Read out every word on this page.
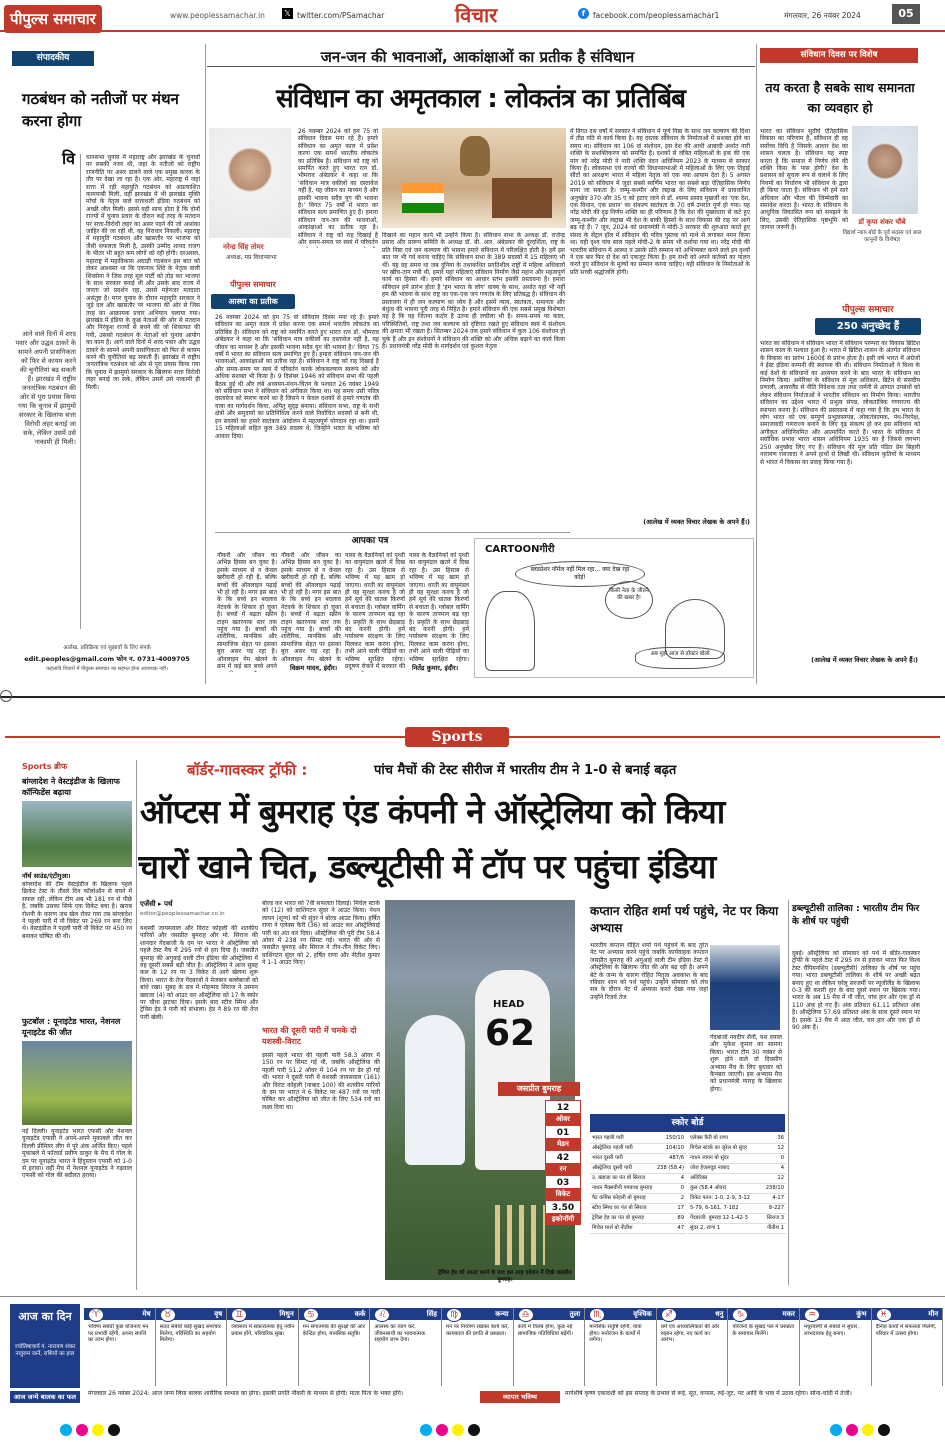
पीपुल्स समाचार	www.peoplessamachar.in 𝕏 twitter.com/PSamachar	विचार	f	facebook.com/peoplessamachar1	मंगलवार, 26 नवंबर 2024	05
संपादकीय
गठबंधन को नतीजों पर मंथन करना होगा
वि धानसभा चुनाव में महाराष्ट्र और झारखंड के चुनावों पर सबकी नजर थी, जहां के नतीजों को राष्ट्रीय राजनीति पर असर डालने वाले एक प्रमुख कारक के तौर पर देखा जा रहा है। एक ओर, महाराष्ट्र में जहां सत्ता में रही महायुति गठबंधन को अप्रत्याशित कामयाबी मिली, वहीं झारखंड में भी झारखंड मुक्ति मोर्चा के नेतृत्व वाले सत्ताधारी इंडिया गठबंधन को अच्छी जीत मिली। इससे यही साफ होता है कि दोनों राज्यों में चुनाव प्रचार के दौरान कई तरह के मतदान पर सत्ता-विरोधी लहर का असर पड़ने की जो आशंका जाहिर की जा रही थी, वह निराधार निकली। महाराष्ट्र में महायुति गठबंधन और खासतौर पर भाजपा को जैसी सफलता मिली है, उसकी उम्मीद शायद राजग के भीतर भी बहुत कम लोगों को रही होगी। दरअसल, महाराष्ट्र में महाविकास अघाड़ी गठबंधन इस बात को लेकर आश्वस्त था कि एकनाथ शिंदे के नेतृत्व वाली शिवसेना ने जिस तरह मूल पार्टी को तोड़ कर भाजपा के साथ सरकार बनाई थी और उसके बाद राज्य में जनता जो प्रदर्शन रहा, उससे महेनजर मतदाता असंतुष्ट है। मगर चुनाव के दौरान महायुति सरकार ने जुड़े दल और खासतौर पर भाजपा की ओर से जिस तरह का आक्रामक प्रचार अभियान चलाया गया। झारखंड में इंडिया के कुछ नेताओं की ओर से मतदान और निरंकुश राज्यों से बचने की जो शिकायत की गयी, उसको गठबंधन के नेताओं को चुनाव आयोग का काम है। आगे वाले दिनों में शरद पवार और उद्धव ठाकरे के सामने अपनी प्रासंगिकता को फिर से कायम करने की चुनौतियां बढ़ सकती हैं। झारखंड में राष्ट्रीय जनतांत्रिक गठबंधन को ओर से पूरा प्रयास किया गया कि चुनाव में झामुमो सरकार के खिलाफ सत्ता विरोधी लहर बनाई जा सके, लेकिन उसमें उसे नाकामी ही मिली।
आने वाले दिनों में शरद पवार और उद्धव ठाकरे के सामने अपनी प्रासंगिकता को फिर से कायम करने की चुनौतियां बढ़ सकती हैं। झारखंड में राष्ट्रीय जनतांत्रिक गठबंधन की ओर से पूरा प्रयास किया गया कि चुनाव में झामुमो सरकार के खिलाफ सत्ता विरोधी लहर बनाई जा सके, लेकिन उसमें उसे नाकामी ही मिली।
आलेख, प्रतिक्रिया एवं सुझावों के लिए संपर्क
edit.peoples@gmail.com फोन न. 0731-4009705
फहलावि विचारों में पीपुल्स समाचार का सहमत होना आवश्यक नहीं।
जन-जन की भावनाओं, आकांक्षाओं का प्रतीक है संविधान
संविधान का अमृतकाल : लोकतंत्र का प्रतिबिंब
नरेन्द्र सिंह तोमर
अध्यक्ष, मप्र विधानसभा
पीपुल्स समाचार
आस्था का प्रतीक
26 नवम्बर 2024 को हम 75 वां संविधान दिवस मना रहे हैं। हमारे संविधान का अमृत काल में प्रवेश करना एक समर्थ भारतीय लोकतंत्र का प्रतिबिंब है। संविधान को राष्ट्र को समर्पित करते हुए भारत रत्न डॉ. भीमराव अंबेडकर ने कहा था कि 'संविधान मात्र वकीलों का दस्तावेज नहीं है, यह जीवन का माध्यम है और इसकी भावना सदैव युग की भावना है।' विगत 75 वर्षों में भारत का संविधान सत्य प्रमाणित हुए हैं। हमारा संविधान जन-जन की भावनाओं, आकांक्षाओं का प्रतीक रहा है। संविधान ने राष्ट्र को राह दिखाई है और समय-समय पर स्वयं में परिवर्तन
26 नवम्बर 2024 को हम 75 वां संविधान दिवस मना रहे हैं। हमारे संविधान का अमृत काल में प्रवेश करना एक समर्थ भारतीय लोकतंत्र का प्रतिबिंब है। संविधान को राष्ट्र को समर्पित करते हुए भारत रत्न डॉ. भीमराव अंबेडकर ने कहा था कि 'संविधान मात्र वकीलों का दस्तावेज नहीं है, यह जीवन का माध्यम है और इसकी भावना सदैव युग की भावना है।' विगत 75 वर्षों में भारत का संविधान सत्य प्रमाणित हुए हैं। हमारा संविधान जन-जन की भावनाओं, आकांक्षाओं का प्रतीक रहा है। संविधान ने राष्ट्र को राह दिखाई है और समय-समय पर स्वयं में परिवर्तन करके लोककल्याण स्वरूप को और अधिक सशक्त भी किया है। 9 दिसंबर 1946 को संविधान सभा की पहली बैठक हुई थी और लंबे अध्ययन-मंथन-चिंतन के पश्चात 26 नवंबर 1949 को संविधान सभा ने संविधान को अंगीकार किया था। यह समय उसी पवित्र दस्तावेज को स्मरण करने का है जिसने न केवल दशकों से हमारे गणतंत्र की यात्रा का मार्गदर्शन किया, अपितु सुदृढ़ बनाया। संविधान सभा, राष्ट्र के सभी क्षेत्रों और समुदायों का प्रतिनिधित्व करने वाले निर्वाचित सदस्यों से बनी थी, इन सदस्यों का हमारे स्वतंत्रता आंदोलन में महत्वपूर्ण योगदान रहा था। इसमें 15 महिलाओं सहित कुल 389 सदस्य थे, जिन्होंने भारत के भविष्य को आकार दिया।
दिखाने का महान कार्य भी उन्होंने किया है। संविधान सभा के अध्यक्ष डॉ. राजेन्द्र प्रसाद और प्रारूप समिति के अध्यक्ष डॉ. बी. आर. अंबेडकर की दूरदर्शिता, राष्ट्र के प्रति निष्ठा एवं जन कल्याण की भावना हमारे संविधान में परिलक्षित होती है। हमें इस बात पर भी गर्व करना चाहिए कि संविधान सभा के 389 सदस्यों में 15 महिलाएं भी थीं। यह वह समय था जब दुनिया के तथाकथित प्रगतिशील राष्ट्रों में महिला अधिकारों पर खींच-तान मची थी, हमारे यहां महिलाएं संविधान निर्माण जैसे महान और महत्वपूर्ण कार्य का हिस्सा थीं। हमारे संविधान का आधार स्तंभ इसकी प्रस्तावना है। हमारा संविधान हमें प्रारंभ होता है 'हम भारत के लोग' वाक्य के साथ, अर्थात यहां भी नहीं हम की भावना के साथ राष्ट्र का एक-एक जन गणतंत्र के लिए प्रतिबद्ध है। संविधान की प्रस्तावना में ही जन कल्याण का ध्येय है और इसमें न्याय, स्वतंत्रता, समानता और बंधुत्व की भावना पूरी तरह से निहित है। हमारे संविधान की एक सबसे प्रमुख विशेषता यह है कि यह जितना कठोर है उतना ही लचीला भी है। समय-समय पर काल, परिस्थितियों, राष्ट्र तथा जन कल्याण को दृष्टिगत रखते हुए संविधान स्वयं में संशोधन की क्षमता भी रखता है। सितम्बर 2024 तक हमारे संविधान में कुल 106 संशोधन हो चुके हैं और इन संशोधनों ने संविधान की शक्ति को और अधिक बढ़ाने का कार्य किया है। प्रधानमंत्री नरेंद्र मोदी के मार्गदर्शन एवं कुशल नेतृत्व
में विगत दस वर्षों में सरकार ने संविधान में पूर्ण निष्ठा के साथ जन कल्याण की दिशा में तीव्र गति से कार्य किया है। यह दस्तक संविधान के निर्माताओं में सशक्त होने का समय था। संविधान का 106 वां संशोधन, इस देश की आधी आबादी अर्थात नारी शक्ति के सशक्तिकरण को समर्पित है। दशकों से लंबित महिलाओं के हक की एक मांग को नरेंद्र मोदी ने नारी शक्ति वंदन अधिनियम 2023 के माध्यम से साकार किया है। लोकसभा एवं राज्यों की विधानसभाओं में महिलाओं के लिए एक तिहाई सीटों का आरक्षण भारत में महिला नेतृत्व को एक नया आयाम देता है। 5 अगस्त 2019 को संविधान में जुड़ा सबसे स्वर्णिम भारत का सबसे बड़ा ऐतिहासिक निर्णय माना जा सकता है। जम्मू-कश्मीर और लद्दाख के लिए संविधान में प्रावधानित अनुच्छेद 370 और 35 ए को हटाए जाने से डॉ. श्यामा प्रसाद मुखर्जी का 'एक देश, एक विधान, एक प्रधान' का संकल्प स्वतंत्रता के 70 वर्ष उपरांत पूर्ण हो गया। यह नरेंद्र मोदी की दृढ़ निर्णय शक्ति का ही परिणाम है कि देश की मुख्यधारा से कटे हुए जम्मू-कश्मीर और लद्दाख भी देश के बाकी हिस्सों के साथ विकास की राह पर आगे बढ़ रहे हैं। 7 जून, 2024 को प्रधानमंत्री ने मोदी-3 सरकार की शुरुआत करते हुए संसद के सेंट्रल हॉल में संविधान की पवित्र पुस्तक को माथे से लगाकर नमन किया था। यही दृश्य पांच साल पहले मोदी-2 के समय भी दर्शाया गया था। नरेंद्र मोदी की भारतीय संविधान में आस्था व उसके प्रति सम्मान को अभिव्यक्त करने वाले इन दृश्यों ने एक बार फिर से देश को एकजुट किया है। हम सभी को अपने कर्तव्यों का पालन करते हुए संविधान के मूल्यों का सम्मान करना चाहिए। यही संविधान के निर्माताओं के प्रति सच्ची श्रद्धांजलि होगी।
(आलेख में व्यक्त विचार लेखक के अपने हैं।)
आपका पत्र
नौकरी और जीवन का अभिन्न हिस्सा बन चुका है। इसके माध्यम से न केवल खरीदारी हो रही है, बल्कि बच्चों की ऑनलाइन पढ़ाई भी हो रही है। मगर इस बात के कि बच्चे इन बदलाव नेटवर्क के शिकार हो चुका है। बच्चों में बढ़ता स्क्रीन टाइम खतरनाक स्तर तक पहुंच गया है। बच्चों की शारीरिक, मानसिक और सामाजिक सेहत पर इसका बुरा असर पड़ रहा है। ऑनलाइन गेम खेलने के क्रम में कई बार बच्चे अपने
नौकरी और जीवन का अभिन्न हिस्सा बन चुका है। इसके माध्यम से न केवल खरीदारी हो रही है, बल्कि बच्चों की ऑनलाइन पढ़ाई भी हो रही है। मगर इस बात के कि बच्चे इन बदलाव नेटवर्क के शिकार हो चुका है। बच्चों में बढ़ता स्क्रीन टाइम खतरनाक स्तर तक पहुंच गया है। बच्चों की शारीरिक, मानसिक और सामाजिक सेहत पर इसका बुरा असर पड़ रहा है। ऑनलाइन गेम खेलने के
विक्रम यादव, इंदौर।
नासा के वैज्ञानिकों को पृथ्वी का वायुमंडल खतरे में दिख रहा है। उस हिसाब से भविष्य में यह खत्म हो जाएगा। धरती का वायुमंडल ही वह सुरक्षा कवच है जो हमें सूर्य की घातक किरणों से बचाता है। ग्लोबल वार्मिंग के कारण तापमान बढ़ रहा है। प्रकृति के साथ छेड़छाड़ बंद करनी होगी। हमें पर्यावरण संरक्षण के लिए मिलकर काम करना होगा, तभी आने वाली पीढ़ियों का भविष्य सुरक्षित रहेगा। प्रदूषण रोकने में सरकार की
नासा के वैज्ञानिकों को पृथ्वी का वायुमंडल खतरे में दिख रहा है। उस हिसाब से भविष्य में यह खत्म हो जाएगा। धरती का वायुमंडल ही वह सुरक्षा कवच है जो हमें सूर्य की घातक किरणों से बचाता है। ग्लोबल वार्मिंग के कारण तापमान बढ़ रहा है। प्रकृति के साथ छेड़छाड़ बंद करनी होगी। हमें पर्यावरण संरक्षण के लिए मिलकर काम करना होगा, तभी आने वाली पीढ़ियों का भविष्य सुरक्षित रहेगा।
नितेंद्र कुमार, इंदौर।
CARTOONगीरी
ब्लडप्रेशर नॉर्मल नहीं मिल रहा... क्या देख रहा कोई!
किसी नेता के जीतने की खबर है!
अब मुझे आज से डॉक्टर बोलो
संविधान दिवस पर विशेष
तय करता है सबके साथ समानता का व्यवहार हो
भारत का संविधान सुदीर्घ ऐतिहासिक विकास का परिणाम है, संविधान ही वह सर्वोच्च विधि है जिसके आधार देश का शासन चलता है। संविधान यह स्पष्ट करता है कि समाज में निर्णय लेने की शक्ति किस के पास होगी? देश के प्रशासन को सुचारु रूप से चलाने के लिए नियमों का निर्धारण भी संविधान के द्वारा ही किया जाता है। संविधान भी हमें सारे अधिकार और भीतर की जिम्मेदारी का समावेश करता है। भारत के संविधान के आधुनिक विकासित रूप को समझने के लिए, उसकी ऐतिहासिक पृष्ठभूमि को जानना जरूरी है।
डॉ कृपा शंकर चौबे
विद्यार्थ न्याय बोर्ड के पूर्व सदस्य एवं बाल कानूनों के विशेषज्ञ
पीपुल्स समाचार
250 अनुच्छेद हैं
भारत का संविधान ने संविधान भारत में संविधान परम्परा का विकास ब्रिटिश शासन काल के पश्चात हुआ है। भारत में ब्रिटिश शासन के अंतर्गत संविधान के विकास का प्रारंभ 1600ई से प्रारंभ होता है। इसी वर्ष भारत में अंग्रेजों ने ईस्ट इंडिया कम्पनी की स्थापना की थी। संविधान निर्माताओं ने विश्व के कई देशों के संविधानों का अध्ययन करने के बाद भारत के संविधान का निर्माण किया। अमेरिका के संविधान से मूल अधिकार, ब्रिटेन से संसदीय प्रणाली, आयरलैंड से नीति निदेशक तत्व तथा जर्मनी से आपात उपबंधों को लेकर संविधान निर्माताओं ने भारतीय संविधान का निर्माण किया। भारतीय संविधान का उद्देश्य भारत में प्रभुत्व संपन्न, लोकतांत्रिक गणराज्य की स्थापना करना है। संविधान की प्रस्तावना में कहा गया है कि हम भारत के लोग भारत को एक सम्पूर्ण प्रभुत्वसम्पन्न, लोकतंत्रात्मक, पंथ-निरपेक्ष, समाजवादी गणराज्य बनाने के लिए दृढ़ संकल्प हो कर इस संविधान को अंगीकृत अधिनियमित और आत्मार्पित करते हैं। भारत के संविधान में सर्वाधिक प्रभाव भारत शासन अधिनियम 1935 का है जिससे लगभग 250 अनुच्छेद लिए गए हैं। संविधान की मूल प्रति पंडित प्रेम बिहारी नारायण रायजादा ने अपने हाथों से लिखी थी। संविधान कृतियों के माध्यम से भारत में विकास का प्रवाह किया गया है।
(आलेख में व्यक्त विचार लेखक के अपने हैं।)
Sports
बॉर्डर-गावस्कर ट्रॉफी :	पांच मैचों की टेस्ट सीरीज में भारतीय टीम ने 1-0 से बनाई बढ़त
ऑप्टस में बुमराह एंड कंपनी ने ऑस्ट्रेलिया को किया
चारों खाने चित, डब्ल्यूटीसी में टॉप पर पहुंचा इंडिया
Sports ब्रीफ
बांग्लादेश ने वेस्टइंडीज के खिलाफ कॉन्फिडेंस बढ़ाया
नॉर्थ साउंड/एंटीगुआ।
बांग्लादेश की टीम वेस्टइंडीज के खिलाफ पहले क्रिकेट टेस्ट के तीसरे दिन फॉलोऑन से बचने में सफल रही, लेकिन टीम अब भी 181 रन से पीछे है, जबकि उसका सिर्फ एक विकेट बचा है। खराब रोशनी के कारण जब खेल रोका गया तब बांग्लादेश ने पहली पारी में नौ विकेट पर 269 रन बना लिए थे। वेस्टइंडीज ने पहली पारी नौ विकेट पर 450 रन बनाकर घोषित की थी।
फुटबॉल : यूनाइटेड भारत, नेशनल यूनाइटेड की जीत
नई दिल्ली। यूनाइटेड भारत एफसी और नेशनल यूनाइटेड एफसी ने अपने-अपने मुकाबले जीत कर दिल्ली प्रीमियर लीग में पूरे अंक अर्जित किए। पहले मुकाबले में फॉरवर्ड प्रवीण ठाकुर के मैच में गोल के दम पर यूनाइटेड भारत ने हिंदुस्तान एफसी को 1-0 से हराया। वहीं मैच में नेशनल यूनाइटेड ने गढ़वाल एफसी को गोल की बदौलत हराया।
एजेंसी ▸ पर्थ
editor@peoplessamachar.co.in
यशस्वी जायसवाल और विराट कोहली की शतकीय पारियों और जसप्रीत बुमराह और मो. सिराज की शानदार गेंदबाजी के दम पर भारत ने ऑस्ट्रेलिया को पहले टेस्ट मैच में 295 रनों से हरा दिया है। जसप्रीत बुमराह की अगुवाई वाली टीम इंडिया की ऑस्ट्रेलिया में यह दूसरी सबसे बड़ी जीत है। ऑस्ट्रेलिया ने आज सुबह कल के 12 रन पर 3 विकेट से आगे खेलना शुरू किया। भारत के तेज गेंदबाजों ने मेजबान बल्लेबाजों को बांधे रखा। सुबह के सत्र में मोहम्मद सिराज ने उस्मान ख्वाजा (4) को आउट कर ऑस्ट्रेलिया को 17 के स्कोर पर चौथा झटका दिया। इसके बाद स्टीव स्मिथ और ट्रेविस हेड ने पारी को संभाला। हेड ने 89 रन की तेज पारी खेली।
बोल्ड कर भारत को 7वीं सफलता दिलाई। मिचेल स्टार्क को (12) को वाशिंगटन सुंदर ने आउट किया। नेथन लायन (शून्य) को भी सुंदर ने बोल्ड आउट किया। हर्षित राणा ने एलेक्स कैरी (36) को आउट कर ऑस्ट्रेलियाई पारी का अंत कर दिया। ऑस्ट्रेलिया की पूरी टीम 58.4 ओवर में 238 रन सिमट गई। भारत की ओर से जसप्रीत बुमराह और सिराज ने तीन-तीन विकेट लिए। वाशिंगटन सुंदर को 2, हर्षित राणा और नीतीश कुमार ने 1-1 आउट किए।
भारत की दूसरी पारी में चमके दो यशस्वी-विराट
इससे पहले भारत की पहली पारी 58.3 ओवर में 150 रन पर सिमट गई थी, जबकि ऑस्ट्रेलिया की पहली पारी 51.2 ओवर में 104 रन पर ढेर हो गई थी। भारत ने दूसरी पारी में यशस्वी जायसवाल (161) और विराट कोहली (नाबाद 100) की शतकीय पारियों के दम पर भारत ने 6 विकेट पर 487 रनों पर पारी घोषित कर ऑस्ट्रेलिया को जीत के लिए 534 रनों का लक्ष्य दिया था।
HEAD
62
जसप्रीत बुमराह
12
ओवर
01
मेडन
42
रन
03
विकेट
3.50
इकोनॉमी
ट्रेविस हेड को आउट करने के बाद इस तरह एग्रेशन में दिखे जसप्रीत बुमराह।
कप्तान रोहित शर्मा पर्थ पहुंचे, नेट पर किया अभ्यास
भारतीय कप्तान रोहित शर्मा पर्थ पहुंचने के बाद तुरंत नेट पर अभ्यास करने पहुंचे जबकि कार्यवाहक कप्तान जसप्रीत बुमराह की अगुआई वाली टीम इंडिया टेस्ट में ऑस्ट्रेलिया के खिलाफ जीत की ओर बढ़ रही है। अपने बेटे के जन्म के कारण रोहित पितृत्व अवकाश के बाद रविवार शाम को पर्थ पहुंचे। उन्होंने सोमवार को लंच सत्र के दौरान नेट में अभ्यास करते देखा गया जहां उन्होंने रिजर्व तेज
गेंदबाजों नवदीप सैनी, यश दयाल और मुकेश कुमार का सामना किया। भारत टीम 30 नवंबर से शुरू होने वाले दो दिवसीय अभ्यास मैच के लिए बुधवार को कैनबरा जाएगी। इस अभ्यास मैच को प्रधानमंत्री ग्यारह के खिलाफ होगा।
स्कोर बोर्ड
भारत पहली पारी	150/10
ऑस्ट्रेलिया पहली पारी	104/10
भारत दूसरी पारी	487/6
ऑस्ट्रेलिया दूसरी पारी	238 (58.4)
उ. ख्वाजा का पंत बो सिराज	4
नाथन मैक्सवीनी पगबाधा बुमराह	0
पैट कमिंस कोहली बो बुमराह	2
स्टीव स्मिथ का पंत बो सिराज	17
ट्रेविस हेड का पंत बो बुमराह	89
मिचेल मार्श बो नीतीश	47
एलेक्स कैरी बो राणा	36
मिचेल स्टार्क का जुरेल बो सुंदर	12
नाथन लायन बो सुंदर	0
जोश हेजलवुड नाबाद	4
अतिरिक्त	12
कुल (58.4 ओवर)	238/10
विकेट पतन: 1-0, 2-9, 3-12	4-17
5-79, 6-161, 7-182	8-227
गेंदबाजी: बुमराह 12-1-42-3	सिराज 3
सुंदर 2, राणा 1	नीतीश 1
डब्ल्यूटीसी तालिका : भारतीय टीम फिर के शीर्ष पर पहुंची
दुबई। ऑस्ट्रेलिया को सोमवार को पर्थ में बॉर्डर-गावस्कर ट्रॉफी के पहले टेस्ट में 295 रन से हराकर भारत फिर विश्व टेस्ट चैंपियनशिप (डब्ल्यूटीसी) तालिका के शीर्ष पर पहुंच गया। भारत डब्ल्यूटीसी तालिका के शीर्ष पर अच्छी बढ़त बनाए हुए था लेकिन घरेलू सरजमीं पर न्यूजीलैंड के खिलाफ 0-3 की करारी हार के बाद दूसरे स्थान पर खिसक गया। भारत के अब 15 मैच में नौ जीत, पांच हार और एक ड्रॉ से 110 अंक हो गए हैं। अंक प्रतिशत 61.11 प्रतिशत अंक है। ऑस्ट्रेलिया 57.69 प्रतिशत अंक के साथ दूसरे स्थान पर है। इसके 13 मैच में आठ जीत, चार हार और एक ड्रॉ से 90 अंक हैं।
आज का दिन
ज्योतिषाचार्य पं. नारायण शंकर नावुराम जानें, राशियों का हाल
मेष
♈
भविष्य संबंधी कुछ योजनाएं मन पर प्रभावी रहेंगी, अपना संपत्ति का लाभ होगा।
वृष
♉
सतत संबंधी कोई सुखद समाचार मिलेगा, परिस्थिति का सहयोग मिलेगा।
मिथुन
♊
व्यवसाय में सकारात्मक हेतु नवीन प्रयास होंगे, परिवारिक सुख।
कर्क
♋
मन संगातमक की सुरक्षों की ओर केन्द्रित होगा, मानसिक संतुष्टि।
सिंह
♌
आलस्य का त्याग करें, जीवनसाथी का भावनात्मक सहयोग लाभ देगा।
कन्या
♍
मन पर नियंत्रण रखकर कार्य करें, कामकाज की प्रगति से प्रसन्नता।
तुला
♎
कार्य में विलंब होगा, कुछ नई सामाजिक गतिविधियां बढ़ेंगी।
वृश्चिक
♏
मानसिक संतुष्टि रहेगी, यात्रा होगा। मनोरंजन के कार्यों में लगेगा।
धनु
♐
धर्म एवं आध्यात्मिकता की ओर रुझान रहेगा, नए कार्य का आरंभ।
मकर
♑
परिजनों के सुखद पल में प्रसन्नता के समाचार मिलेंगे।
कुंभ
♒
मधुरवाणी से संबंधों में सुधार, लाभदायक हेतु बनाए।
मीन
♓
दैनिक कार्यों में सफलता मिलेगी, परिवार में उत्सव होगा।
आज जन्मे बालक का फल	मंगलवार 26 नवंबर 2024: आज जन्म लिया बालक शारीरिक स्वभाव का होगा। इसकी प्रगति नौकरी के माध्यम से होगी। माता पिता के भक्त होंगे।	व्यापार भविष्य	मार्गशीर्ष कृष्ण एकादशी को इस सप्ताह के प्रभाव से रूई, सूत, कपास, रुई-जूट, पट आदि के भाव में उठाव रहेगा। सोना-चांदी में तेजी।
